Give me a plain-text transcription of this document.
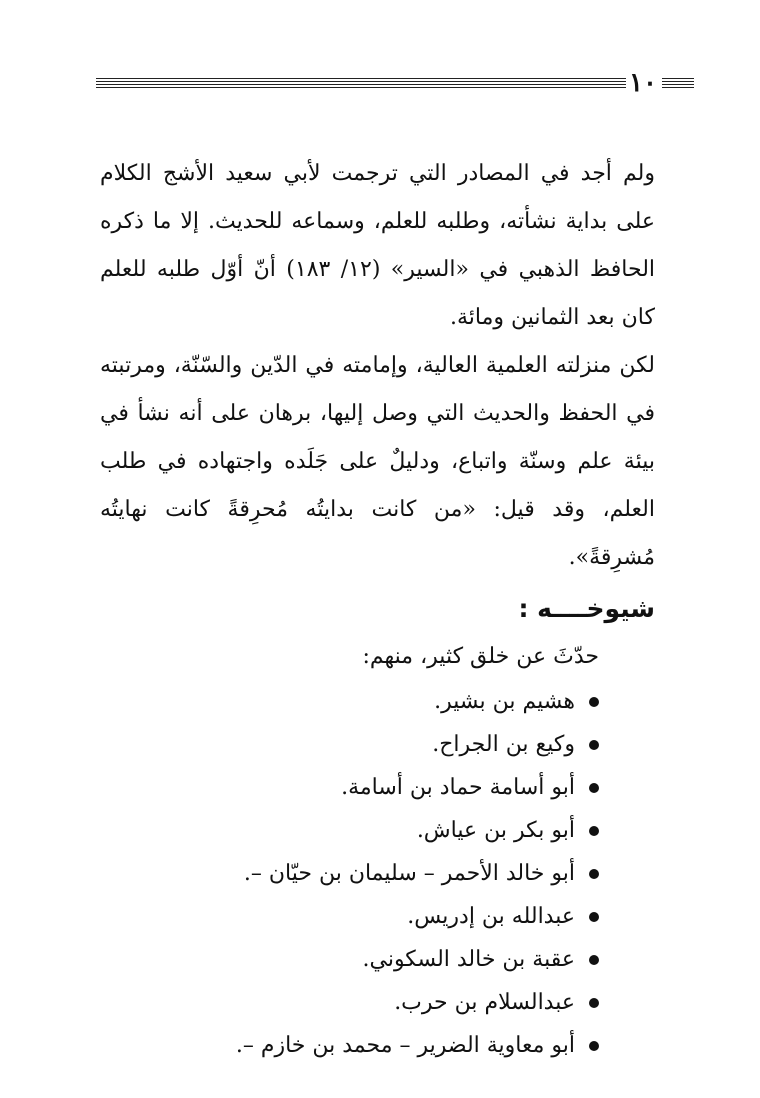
١٠

ولم أجد في المصادر التي ترجمت لأبي سعيد الأشج الكلام على بداية نشأته، وطلبه للعلم، وسماعه للحديث. إلا ما ذكره الحافظ الذهبي في «السير» (١٢/ ١٨٣) أنّ أوّل طلبه للعلم كان بعد الثمانين ومائة.

لكن منزلته العلمية العالية، وإمامته في الدّين والسّنّة، ومرتبته في الحفظ والحديث التي وصل إليها، برهان على أنه نشأ في بيئة علم وسنّة واتباع، ودليلٌ على جَلَده واجتهاده في طلب العلم، وقد قيل: «من كانت بدايتُه مُحرِقةً كانت نهايتُه مُشرِقةً».

شيوخــــه :

حدّثَ عن خلق كثير، منهم:

هشيم بن بشير.
وكيع بن الجراح.
أبو أسامة حماد بن أسامة.
أبو بكر بن عياش.
أبو خالد الأحمر – سليمان بن حيّان –.
عبدالله بن إدريس.
عقبة بن خالد السكوني.
عبدالسلام بن حرب.
أبو معاوية الضرير – محمد بن خازم –.
